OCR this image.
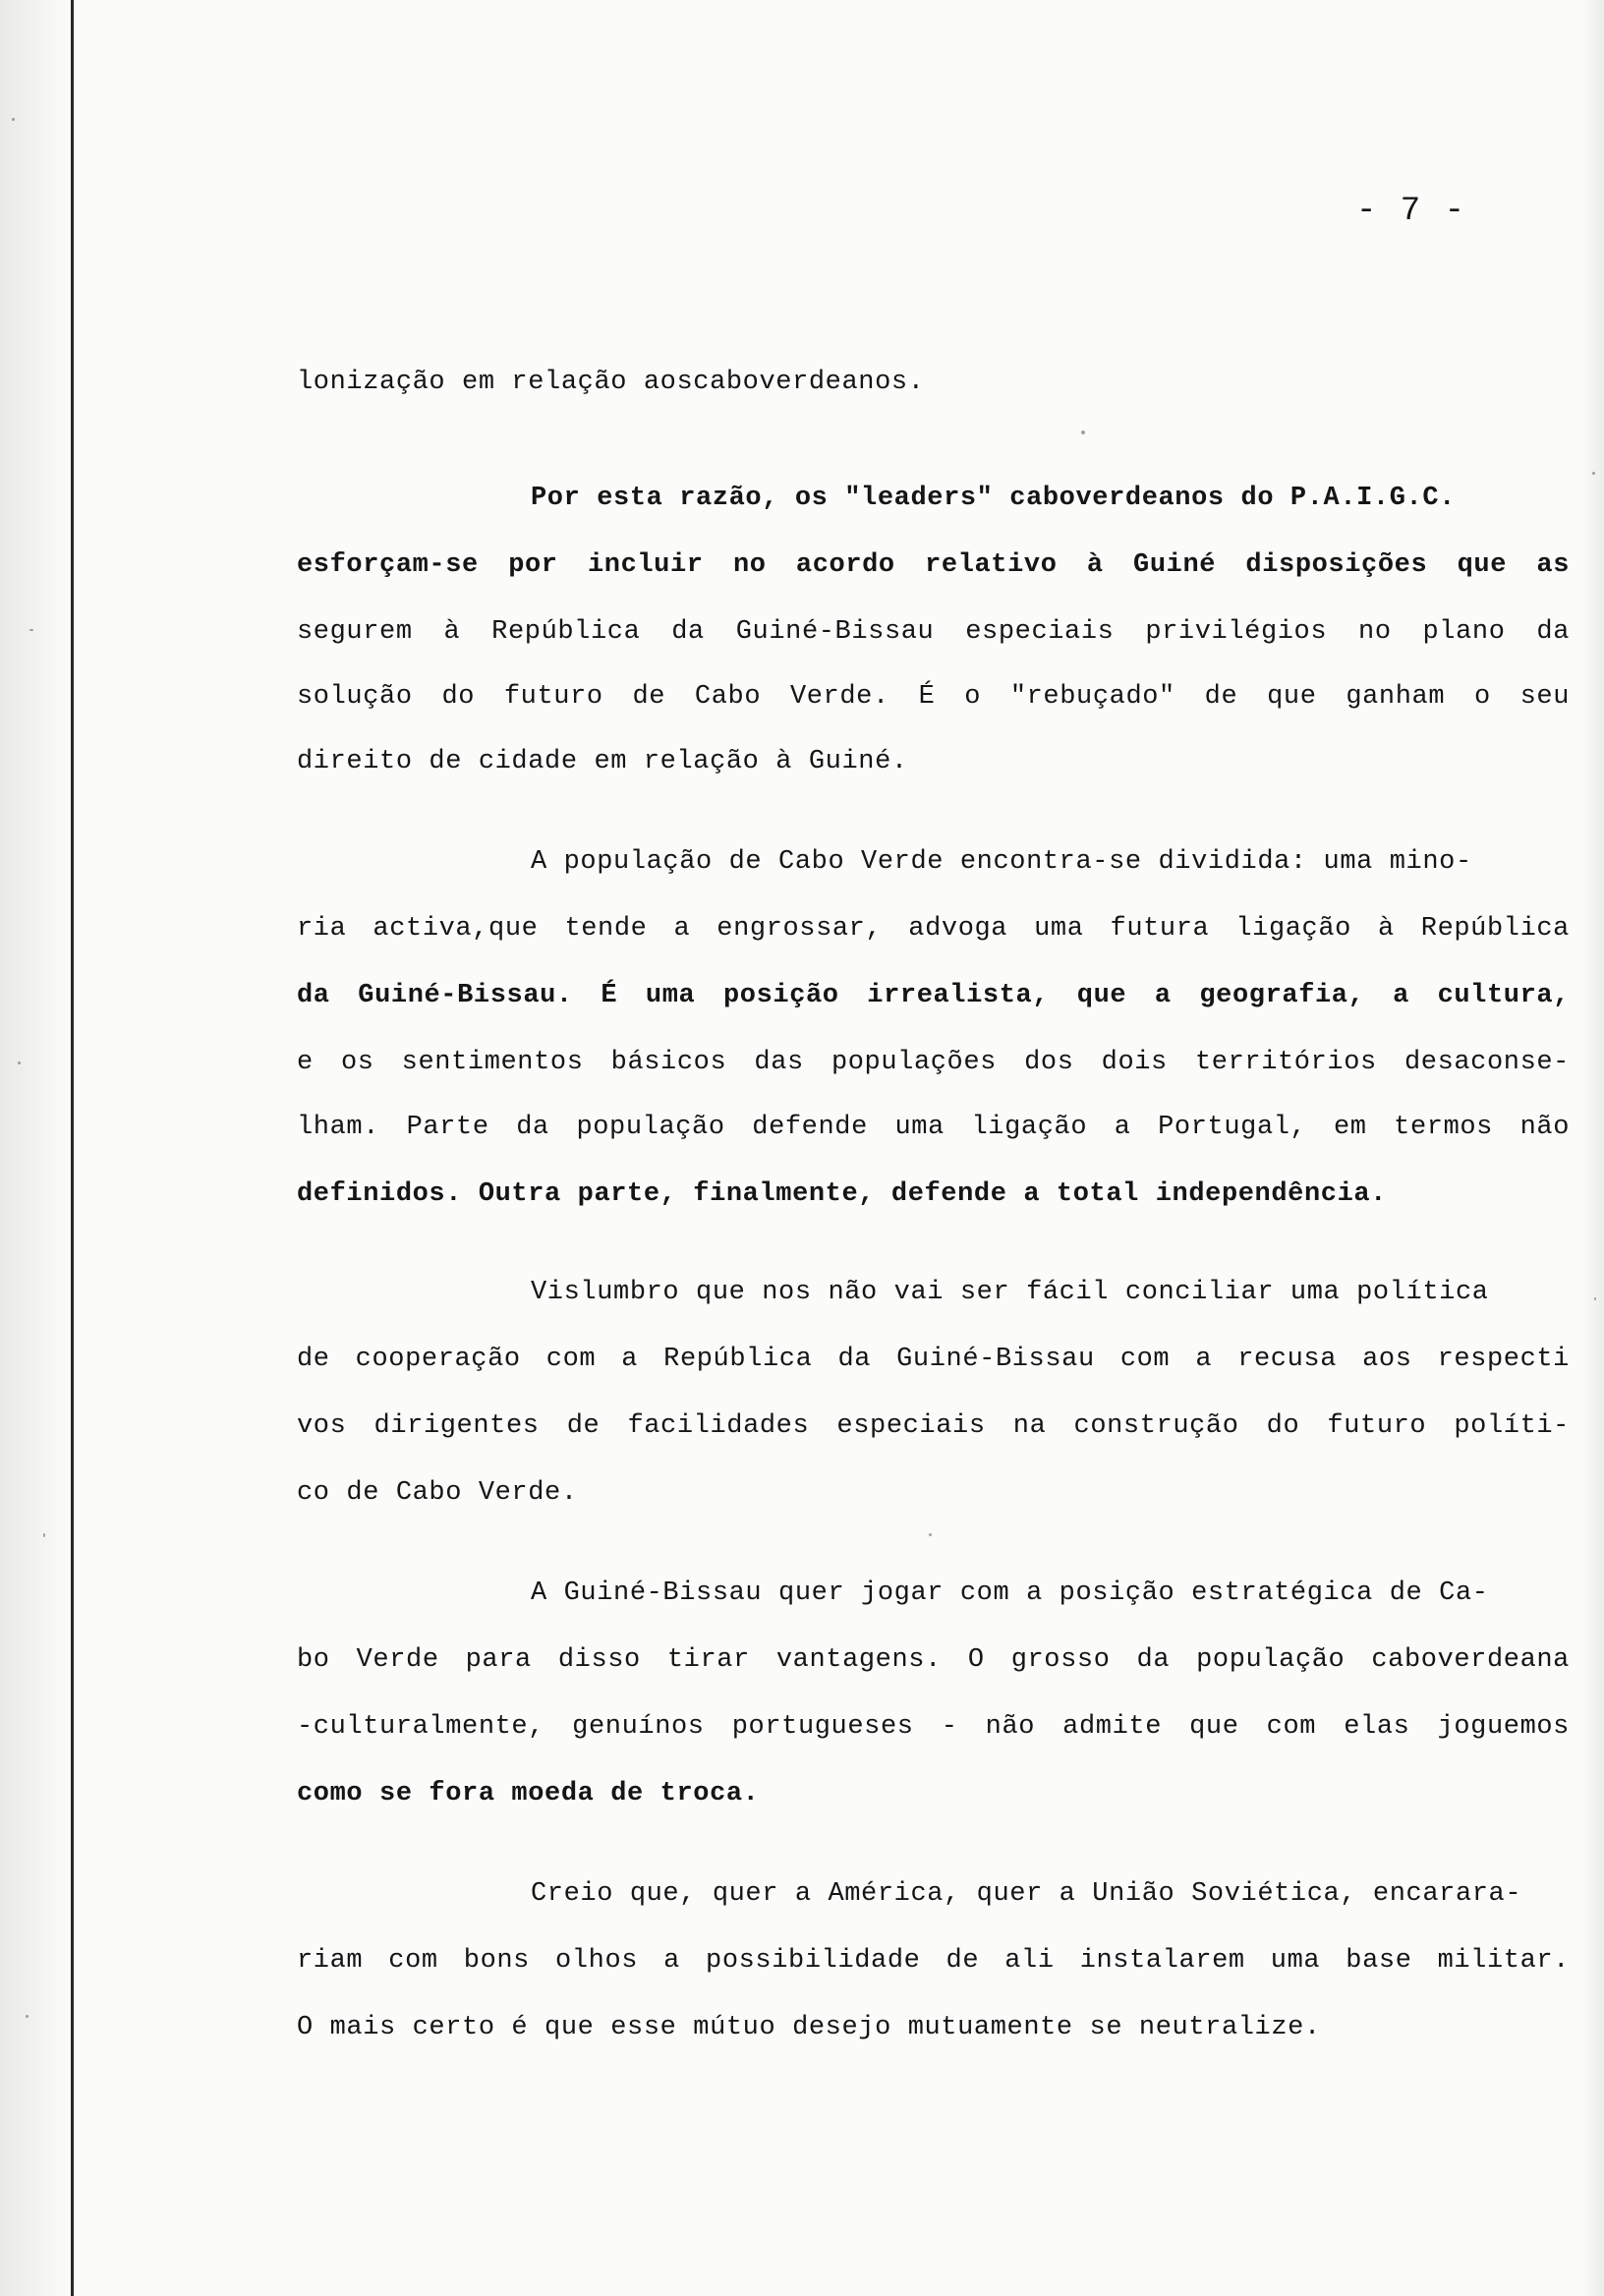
- 7 -
lonização em relação aoscaboverdeanos.
Por esta razão, os "leaders" caboverdeanos do P.A.I.G.C.
esforçam-se por incluir no acordo relativo à Guiné disposições que as
segurem à República da Guiné-Bissau especiais privilégios no plano da
solução do futuro de Cabo Verde. É o "rebuçado" de que ganham o seu
direito de cidade em relação à Guiné.
A população de Cabo Verde encontra-se dividida: uma mino-
ria activa,que tende a engrossar, advoga uma futura ligação à República
da Guiné-Bissau. É uma posição irrealista, que a geografia, a cultura,
e os sentimentos básicos das populações dos dois territórios desaconse-
lham. Parte da população defende uma ligação a Portugal, em termos não
definidos. Outra parte, finalmente, defende a total independência.
Vislumbro que nos não vai ser fácil conciliar uma política
de cooperação com a República da Guiné-Bissau com a recusa aos respecti
vos dirigentes de facilidades especiais na construção do futuro políti-
co de Cabo Verde.
A Guiné-Bissau quer jogar com a posição estratégica de Ca-
bo Verde para disso tirar vantagens. O grosso da população caboverdeana
-culturalmente, genuínos portugueses - não admite que com elas joguemos
como se fora moeda de troca.
Creio que, quer a América, quer a União Soviética, encarara-
riam com bons olhos a possibilidade de ali instalarem uma base militar.
O mais certo é que esse mútuo desejo mutuamente se neutralize.
